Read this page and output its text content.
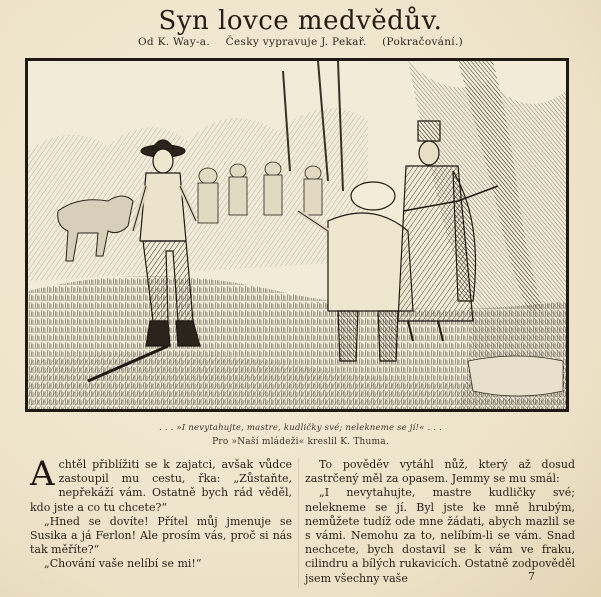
Syn lovce medvědův.
Od K. Way-a. Česky vypravuje J. Pekař. (Pokračování.)
. . . »I nevytahujte, mastre, kudličky své; nelekneme se jí!« . . .
Pro »Naší mládeži« kreslil K. Thuma.

Achtěl přiblížiti se k zajatci, avšak vůdce zastoupil mu cestu, řka: „Zůstaňte, nepřekáží vám. Ostatně bych rád věděl, kdo jste a co tu chcete?“

„Hned se dovíte! Přítel můj jmenuje se Susika a já Ferlon! Ale prosím vás, proč si nás tak měříte?“

„Chování vaše nelíbí se mi!“

To pověděv vytáhl nůž, který až dosud zastrčený měl za opasem. Jemmy se mu smál:

„I nevytahujte, mastre kudličky své; nelekneme se jí. Byl jste ke mně hrubým, nemůžete tudíž ode mne žádati, abych mazlil se s vámi. Nemohu za to, nelíbím-li se vám. Snad nechcete, bych dostavil se k vám ve fraku, cilindru a bílých rukavicích. Ostatně zodpověděl jsem všechny vaše	7
